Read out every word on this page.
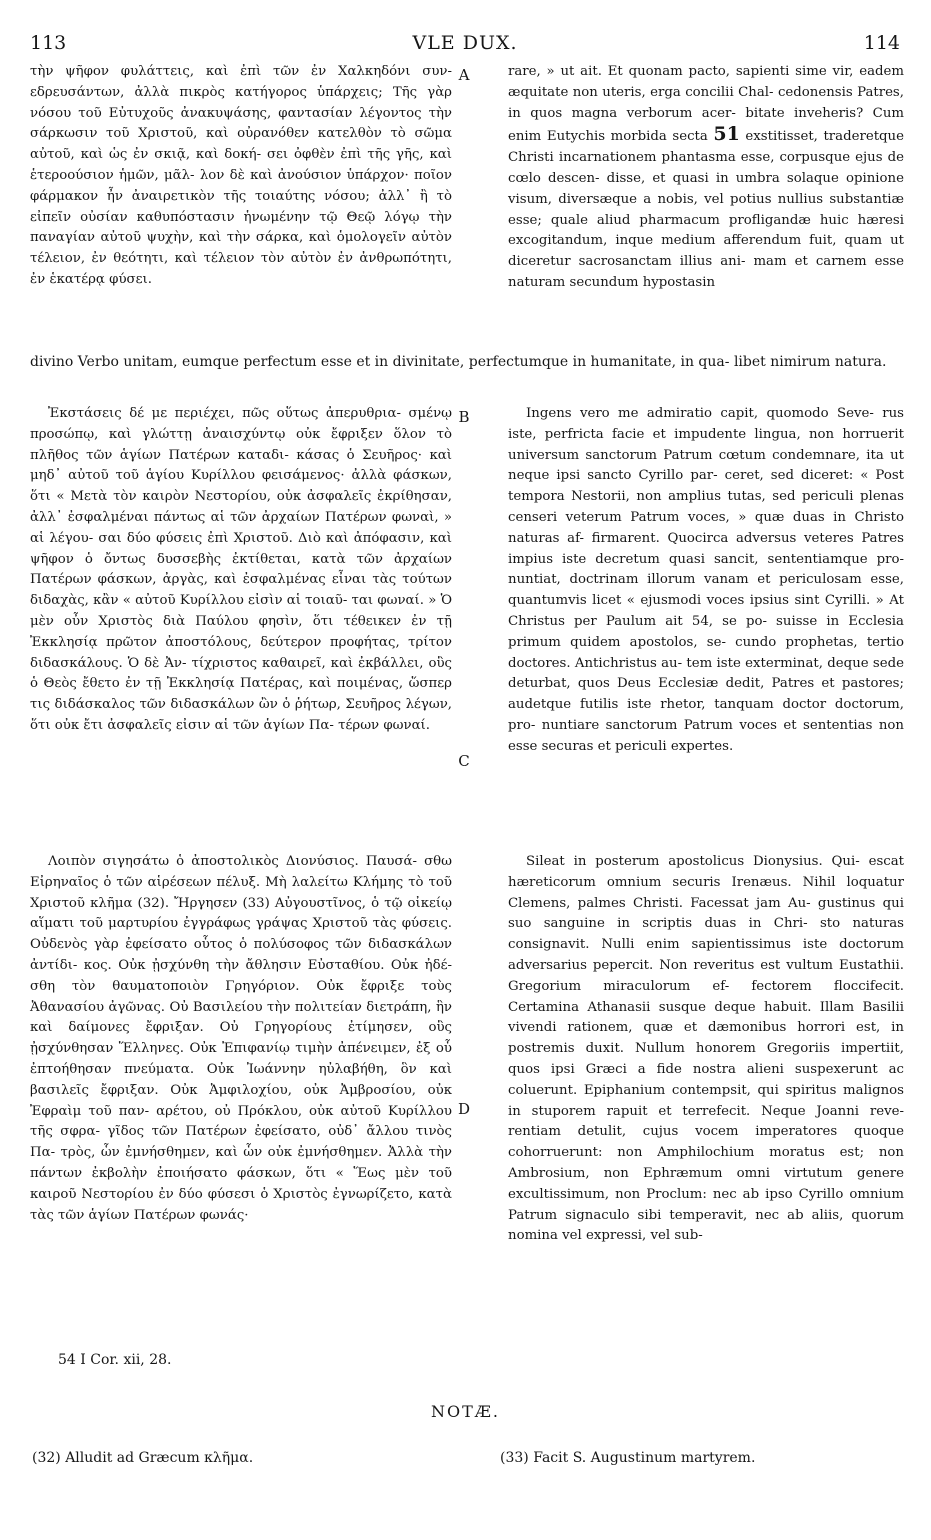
113	VLE DUX.	114

τὴν ψῆφον φυλάττεις, καὶ ἐπὶ τῶν ἐν Χαλκηδόνι συν- εδρευσάντων, ἀλλὰ πικρὸς κατήγορος ὑπάρχεις; Τῆς γὰρ νόσου τοῦ Εὐτυχοῦς ἀνακυψάσης, φαντασίαν λέγοντος τὴν σάρκωσιν τοῦ Χριστοῦ, καὶ οὐρανόθεν κατελθὸν τὸ σῶμα αὐτοῦ, καὶ ὡς ἐν σκιᾷ, καὶ δοκή- σει ὀφθὲν ἐπὶ τῆς γῆς, καὶ ἑτεροούσιον ἡμῶν, μᾶλ- λον δὲ καὶ ἀνούσιον ὑπάρχον· ποῖον φάρμακον ἦν ἀναιρετικὸν τῆς τοιαύτης νόσου; ἀλλ᾽ ἢ τὸ εἰπεῖν οὐσίαν καθυπόστασιν ἡνωμένην τῷ Θεῷ λόγῳ τὴν παναγίαν αὐτοῦ ψυχὴν, καὶ τὴν σάρκα, καὶ ὁμολογεῖν αὐτὸν τέλειον, ἐν θεότητι, καὶ τέλειον τὸν αὐτὸν ἐν ἀνθρωπότητι, ἐν ἑκατέρᾳ φύσει.

rare, » ut ait. Et quonam pacto, sapienti sime vir, eadem æquitate non uteris, erga concilii Chal- cedonensis Patres, in quos magna verborum acer- bitate inveheris? Cum enim Eutychis morbida secta 51 exstitisset, traderetque Christi incarnationem phantasma esse, corpusque ejus de cœlo descen- disse, et quasi in umbra solaque opinione visum, diversæque a nobis, vel potius nullius substantiæ esse; quale aliud pharmacum profligandæ huic hæresi excogitandum, inque medium afferendum fuit, quam ut diceretur sacrosanctam illius ani- mam et carnem esse naturam secundum hypostasin

A
divino Verbo unitam, eumque perfectum esse et in divinitate, perfectumque in humanitate, in qua- libet nimirum natura.

Ἐκστάσεις δέ με περιέχει, πῶς οὕτως ἀπερυθρια- σμένῳ προσώπῳ, καὶ γλώττῃ ἀναισχύντῳ οὐκ ἔφριξεν ὅλον τὸ πλῆθος τῶν ἁγίων Πατέρων καταδι- κάσας ὁ Σευῆρος· καὶ μηδ᾽ αὐτοῦ τοῦ ἁγίου Κυρίλλου φεισάμενος· ἀλλὰ φάσκων, ὅτι « Μετὰ τὸν καιρὸν Νεστορίου, οὐκ ἀσφαλεῖς ἐκρίθησαν, ἀλλ᾽ ἐσφαλμέναι πάντως αἱ τῶν ἀρχαίων Πατέρων φωναὶ, » αἱ λέγου- σαι δύο φύσεις ἐπὶ Χριστοῦ. Διὸ καὶ ἀπόφασιν, καὶ ψῆφον ὁ ὄντως δυσσεβὴς ἐκτίθεται, κατὰ τῶν ἀρχαίων Πατέρων φάσκων, ἀργὰς, καὶ ἐσφαλμένας εἶναι τὰς τούτων διδαχὰς, κἂν « αὐτοῦ Κυρίλλου εἰσὶν αἱ τοιαῦ- ται φωναί. » Ὁ μὲν οὖν Χριστὸς διὰ Παύλου φησὶν, ὅτι τέθεικεν ἐν τῇ Ἐκκλησίᾳ πρῶτον ἀποστόλους, δεύτερον προφήτας, τρίτον διδασκάλους. Ὁ δὲ Ἀν- τίχριστος καθαιρεῖ, καὶ ἐκβάλλει, οὓς ὁ Θεὸς ἔθετο ἐν τῇ Ἐκκλησίᾳ Πατέρας, καὶ ποιμένας, ὥσπερ τις διδάσκαλος τῶν διδασκάλων ὢν ὁ ῥήτωρ, Σευῆρος λέγων, ὅτι οὐκ ἔτι ἀσφαλεῖς εἰσιν αἱ τῶν ἁγίων Πα- τέρων φωναί.

Ingens vero me admiratio capit, quomodo Seve- rus iste, perfricta facie et impudente lingua, non horruerit universum sanctorum Patrum cœtum condemnare, ita ut neque ipsi sancto Cyrillo par- ceret, sed diceret: « Post tempora Nestorii, non amplius tutas, sed periculi plenas censeri veterum Patrum voces, » quæ duas in Christo naturas af- firmarent. Quocirca adversus veteres Patres impius iste decretum quasi sancit, sententiamque pro- nuntiat, doctrinam illorum vanam et periculosam esse, quantumvis licet « ejusmodi voces ipsius sint Cyrilli. » At Christus per Paulum ait 54, se po- suisse in Ecclesia primum quidem apostolos, se- cundo prophetas, tertio doctores. Antichristus au- tem iste exterminat, deque sede deturbat, quos Deus Ecclesiæ dedit, Patres et pastores; audetque futilis iste rhetor, tanquam doctor doctorum, pro- nuntiare sanctorum Patrum voces et sententias non esse securas et periculi expertes.

B
C

Λοιπὸν σιγησάτω ὁ ἀποστολικὸς Διονύσιος. Παυσά- σθω Εἰρηναῖος ὁ τῶν αἱρέσεων πέλυξ. Μὴ λαλείτω Κλήμης τὸ τοῦ Χριστοῦ κλῆμα (32). Ἤργησεν (33) Αὐγουστῖνος, ὁ τῷ οἰκείῳ αἵματι τοῦ μαρτυρίου ἐγγράφως γράψας Χριστοῦ τὰς φύσεις. Οὐδενὸς γὰρ ἐφείσατο οὗτος ὁ πολύσοφος τῶν διδασκάλων ἀντίδι- κος. Οὐκ ᾐσχύνθη τὴν ἄθλησιν Εὐσταθίου. Οὐκ ἠδέ- σθη τὸν θαυματοποιὸν Γρηγόριον. Οὐκ ἔφριξε τοὺς Ἀθανασίου ἀγῶνας. Οὐ Βασιλείου τὴν πολιτείαν διετράπη, ἣν καὶ δαίμονες ἔφριξαν. Οὐ Γρηγορίους ἐτίμησεν, οὓς ᾐσχύνθησαν Ἕλληνες. Οὐκ Ἐπιφανίῳ τιμὴν ἀπένειμεν, ἐξ οὗ ἐπτοήθησαν πνεύματα. Οὐκ Ἰωάννην ηὐλαβήθη, ὃν καὶ βασιλεῖς ἔφριξαν. Οὐκ Ἀμφιλοχίου, οὐκ Ἀμβροσίου, οὐκ Ἐφραὶμ τοῦ παν- αρέτου, οὐ Πρόκλου, οὐκ αὐτοῦ Κυρίλλου τῆς σφρα- γῖδος τῶν Πατέρων ἐφείσατο, οὐδ᾽ ἄλλου τινὸς Πα- τρὸς, ὧν ἐμνήσθημεν, καὶ ὧν οὐκ ἐμνήσθημεν. Ἀλλὰ τὴν πάντων ἐκβολὴν ἐποιήσατο φάσκων, ὅτι « Ἕως μὲν τοῦ καιροῦ Νεστορίου ἐν δύο φύσεσι ὁ Χριστὸς ἐγνωρίζετο, κατὰ τὰς τῶν ἁγίων Πατέρων φωνάς·

Sileat in posterum apostolicus Dionysius. Qui- escat hæreticorum omnium securis Irenæus. Nihil loquatur Clemens, palmes Christi. Facessat jam Au- gustinus qui suo sanguine in scriptis duas in Chri- sto naturas consignavit. Nulli enim sapientissimus iste doctorum adversarius pepercit. Non reveritus est vultum Eustathii. Gregorium miraculorum ef- fectorem floccifecit. Certamina Athanasii susque deque habuit. Illam Basilii vivendi rationem, quæ et dæmonibus horrori est, in postremis duxit. Nullum honorem Gregoriis impertiit, quos ipsi Græci a fide nostra alieni suspexerunt ac coluerunt. Epiphanium contempsit, qui spiritus malignos in stuporem rapuit et terrefecit. Neque Joanni reve- rentiam detulit, cujus vocem imperatores quoque cohorruerunt: non Amphilochium moratus est; non Ambrosium, non Ephræmum omni virtutum genere excultissimum, non Proclum: nec ab ipso Cyrillo omnium Patrum signaculo sibi temperavit, nec ab aliis, quorum nomina vel expressi, vel sub-

D
54 I Cor. xii, 28.
NOTÆ.
(32) Alludit ad Græcum κλῆμα.	(33) Facit S. Augustinum martyrem.
